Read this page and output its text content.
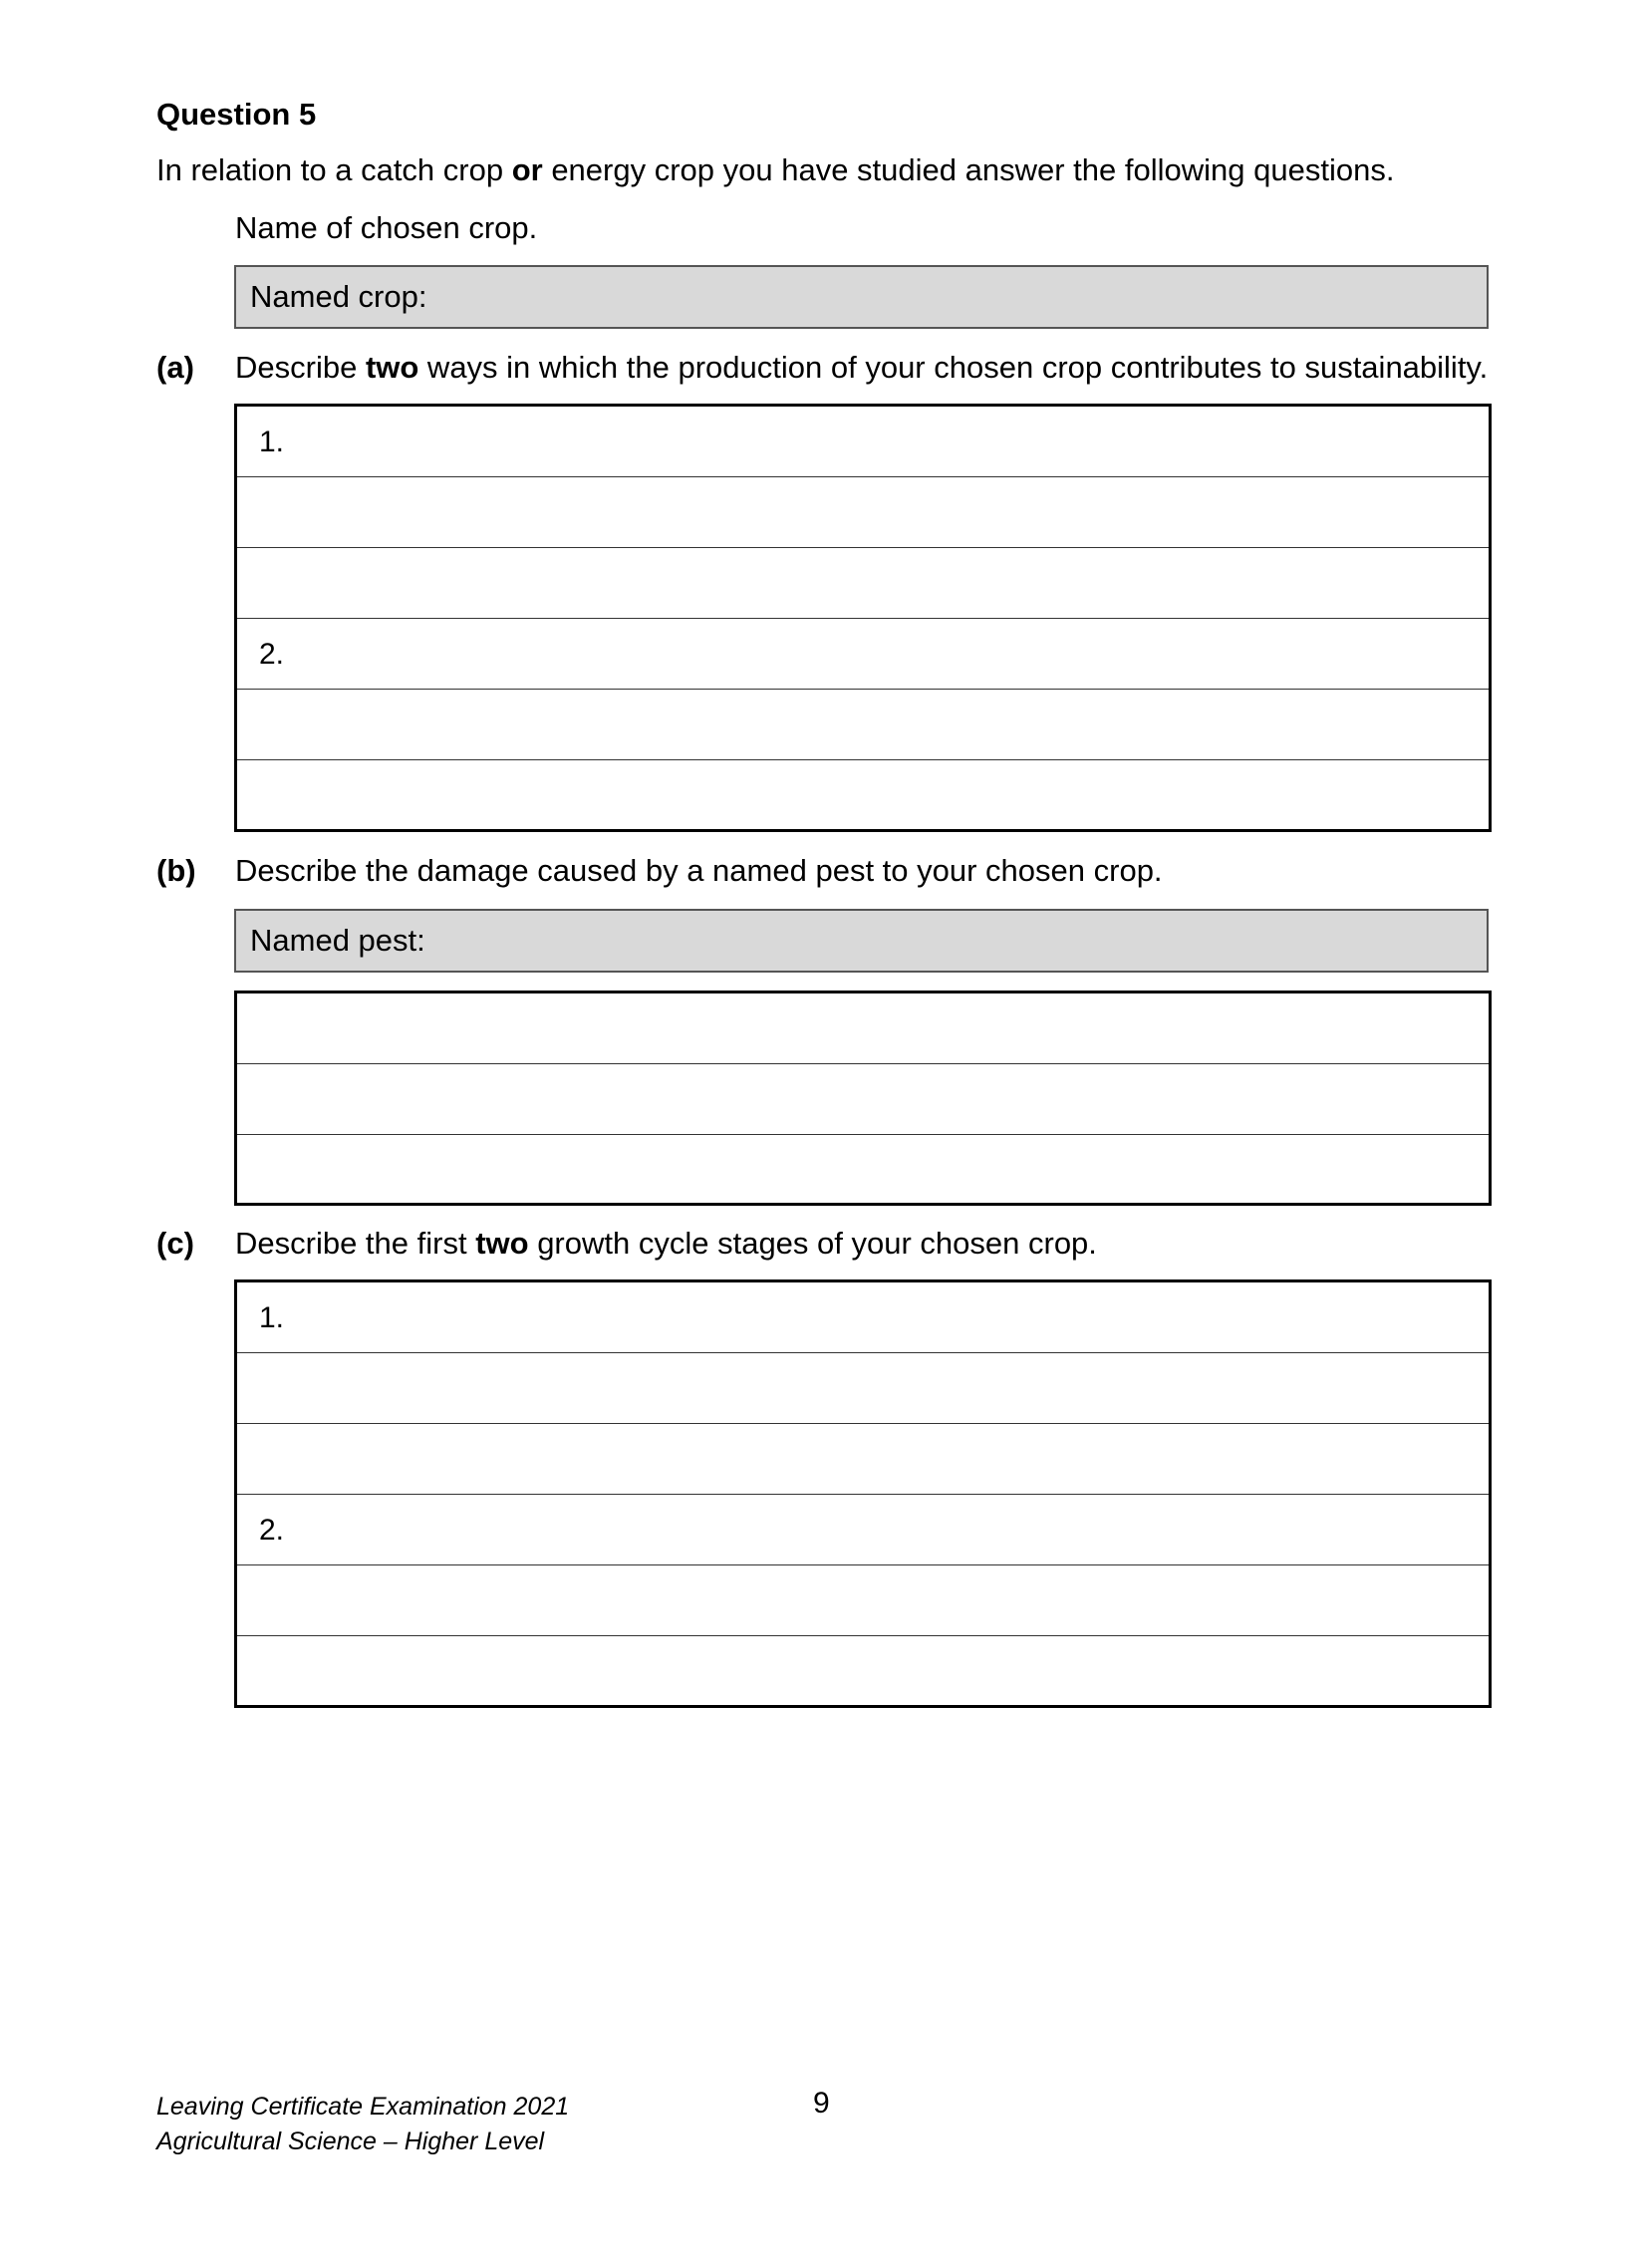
Question 5
In relation to a catch crop or energy crop you have studied answer the following questions.
Name of chosen crop.
Named crop:
(a) Describe two ways in which the production of your chosen crop contributes to sustainability.
1.
2.
(b) Describe the damage caused by a named pest to your chosen crop.
Named pest:
(c) Describe the first two growth cycle stages of your chosen crop.
1.
2.
Leaving Certificate Examination 2021
Agricultural Science – Higher Level
9
